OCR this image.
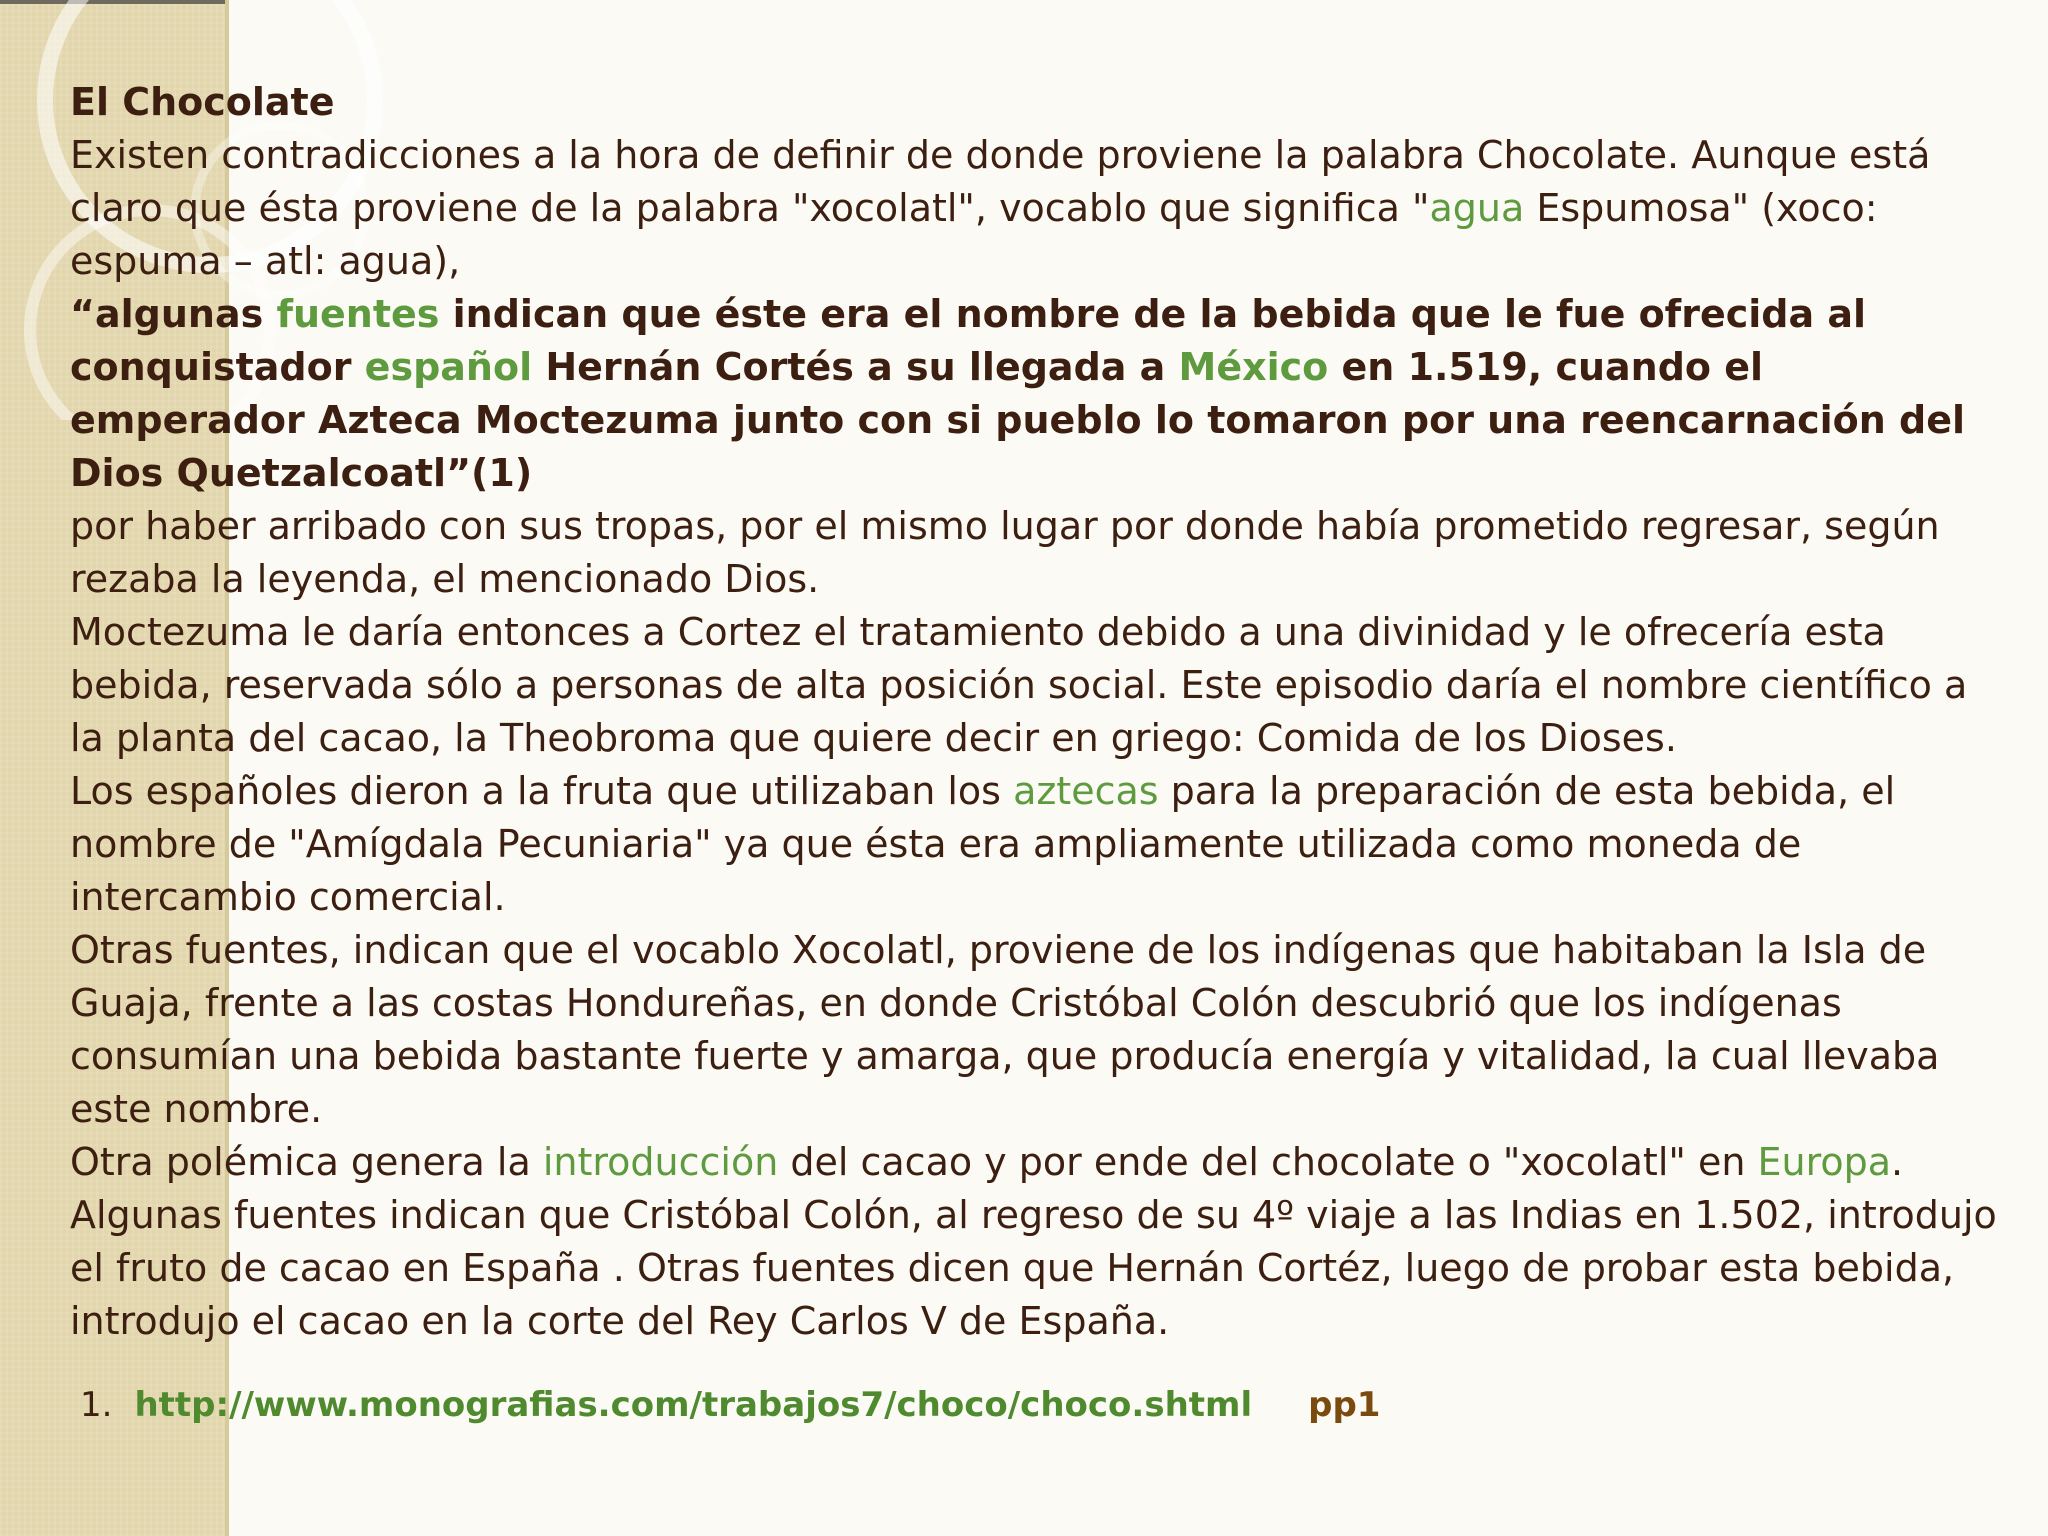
El Chocolate

Existen contradicciones a la hora de definir de donde proviene la palabra Chocolate. Aunque está claro que ésta proviene de la palabra "xocolatl", vocablo que significa "agua Espumosa" (xoco: espuma – atl: agua),

“algunas fuentes indican que éste era el nombre de la bebida que le fue ofrecida al conquistador español Hernán Cortés a su llegada a México en 1.519, cuando el emperador Azteca Moctezuma junto con si pueblo lo tomaron por una reencarnación del Dios Quetzalcoatl”(1)

por haber arribado con sus tropas, por el mismo lugar por donde había prometido regresar, según rezaba la leyenda, el mencionado Dios.

Moctezuma le daría entonces a Cortez el tratamiento debido a una divinidad y le ofrecería esta bebida, reservada sólo a personas de alta posición social. Este episodio daría el nombre científico a la planta del cacao, la Theobroma que quiere decir en griego: Comida de los Dioses.

Los españoles dieron a la fruta que utilizaban los aztecas para la preparación de esta bebida, el nombre de "Amígdala Pecuniaria" ya que ésta era ampliamente utilizada como moneda de intercambio comercial.

Otras fuentes, indican que el vocablo Xocolatl, proviene de los indígenas que habitaban la Isla de Guaja, frente a las costas Hondureñas, en donde Cristóbal Colón descubrió que los indígenas consumían una bebida bastante fuerte y amarga, que producía energía y vitalidad, la cual llevaba este nombre.

Otra polémica genera la introducción del cacao y por ende del chocolate o "xocolatl" en Europa.

Algunas fuentes indican que Cristóbal Colón, al regreso de su 4º viaje a las Indias en 1.502, introdujo el fruto de cacao en España . Otras fuentes dicen que Hernán Cortéz, luego de probar esta bebida, introdujo el cacao en la corte del Rey Carlos V de España.

1. http://www.monografias.com/trabajos7/choco/choco.shtml pp1
